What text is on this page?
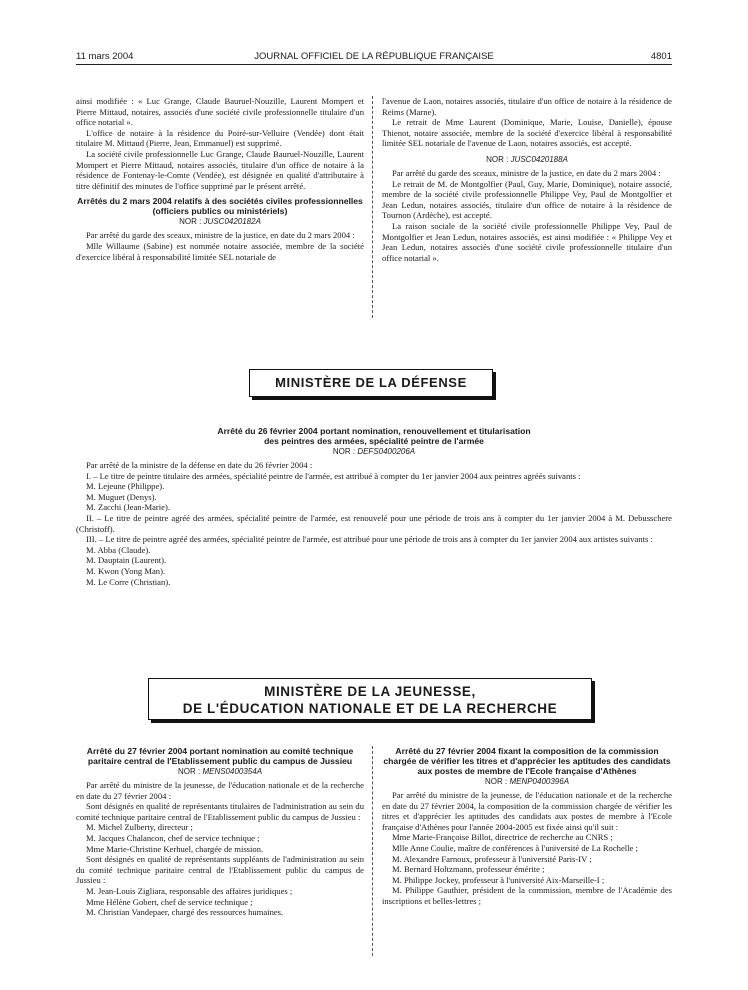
11 mars 2004	JOURNAL OFFICIEL DE LA RÉPUBLIQUE FRANÇAISE	4801

ainsi modifiée : « Luc Grange, Claude Bauruel-Nouzille, Laurent Mompert et Pierre Mittaud, notaires, associés d'une société civile professionnelle titulaire d'un office notarial ».

L'office de notaire à la résidence du Poiré-sur-Velluire (Vendée) dont était titulaire M. Mittaud (Pierre, Jean, Emmanuel) est supprimé.

La société civile professionnelle Luc Grange, Claude Bauruel-Nouzille, Laurent Mompert et Pierre Mittaud, notaires associés, titulaire d'un office de notaire à la résidence de Fontenay-le-Comte (Vendée), est désignée en qualité d'attributaire à titre définitif des minutes de l'office supprimé par le présent arrêté.

Arrêtés du 2 mars 2004 relatifs à des sociétés civiles professionnelles (officiers publics ou ministériels)

NOR : JUSC0420182A

Par arrêté du garde des sceaux, ministre de la justice, en date du 2 mars 2004 :

Mlle Willaume (Sabine) est nommée notaire associée, membre de la société d'exercice libéral à responsabilité limitée SEL notariale de

l'avenue de Laon, notaires associés, titulaire d'un office de notaire à la résidence de Reims (Marne).

Le retrait de Mme Laurent (Dominique, Marie, Louise, Danielle), épouse Thienot, notaire associée, membre de la société d'exercice libéral à responsabilité limitée SEL notariale de l'avenue de Laon, notaires associés, est accepté.

NOR : JUSC0420188A

Par arrêté du garde des sceaux, ministre de la justice, en date du 2 mars 2004 :

Le retrait de M. de Montgolfier (Paul, Guy, Marie, Dominique), notaire associé, membre de la société civile professionnelle Philippe Vey, Paul de Montgolfier et Jean Ledun, notaires associés, titulaire d'un office de notaire à la résidence de Tournon (Ardèche), est accepté.

La raison sociale de la société civile professionnelle Philippe Vey, Paul de Montgolfier et Jean Ledun, notaires associés, est ainsi modifiée : « Philippe Vey et Jean Ledun, notaires associés d'une société civile professionnelle titulaire d'un office notarial ».

MINISTÈRE DE LA DÉFENSE

Arrêté du 26 février 2004 portant nomination, renouvellement et titularisation

des peintres des armées, spécialité peintre de l'armée

NOR : DEFS0400206A

Par arrêté de la ministre de la défense en date du 26 février 2004 :

I. – Le titre de peintre titulaire des armées, spécialité peintre de l'armée, est attribué à compter du 1er janvier 2004 aux peintres agréés suivants :

M. Lejeune (Philippe).

M. Muguet (Denys).

M. Zacchi (Jean-Marie).

II. – Le titre de peintre agréé des armées, spécialité peintre de l'armée, est renouvelé pour une période de trois ans à compter du 1er janvier 2004 à M. Debusschere (Christoff).

III. – Le titre de peintre agréé des armées, spécialité peintre de l'armée, est attribué pour une période de trois ans à compter du 1er janvier 2004 aux artistes suivants :

M. Abba (Claude).

M. Dauptain (Laurent).

M. Kwon (Yong Man).

M. Le Corre (Christian).

MINISTÈRE DE LA JEUNESSE,
DE L'ÉDUCATION NATIONALE ET DE LA RECHERCHE

Arrêté du 27 février 2004 portant nomination au comité technique paritaire central de l'Etablissement public du campus de Jussieu

NOR : MENS0400354A

Par arrêté du ministre de la jeunesse, de l'éducation nationale et de la recherche en date du 27 février 2004 :

Sont désignés en qualité de représentants titulaires de l'administration au sein du comité technique paritaire central de l'Etablissement public du campus de Jussieu :

M. Michel Zulberty, directeur ;

M. Jacques Chalancon, chef de service technique ;

Mme Marie-Christine Kerhuel, chargée de mission.

Sont désignés en qualité de représentants suppléants de l'administration au sein du comité technique paritaire central de l'Etablissement public du campus de Jussieu :

M. Jean-Louis Zigliara, responsable des affaires juridiques ;

Mme Hélène Gobert, chef de service technique ;

M. Christian Vandepaer, chargé des ressources humaines.

Arrêté du 27 février 2004 fixant la composition de la commission chargée de vérifier les titres et d'apprécier les aptitudes des candidats aux postes de membre de l'Ecole française d'Athènes

NOR : MENP0400396A

Par arrêté du ministre de la jeunesse, de l'éducation nationale et de la recherche en date du 27 février 2004, la composition de la commission chargée de vérifier les titres et d'apprécier les aptitudes des candidats aux postes de membre à l'Ecole française d'Athènes pour l'année 2004-2005 est fixée ainsi qu'il suit :

Mme Marie-Françoise Billot, directrice de recherche au CNRS ;

Mlle Anne Coulie, maître de conférences à l'université de La Rochelle ;

M. Alexandre Farnoux, professeur à l'université Paris-IV ;

M. Bernard Holtzmann, professeur émérite ;

M. Philippe Jockey, professeur à l'université Aix-Marseille-I ;

M. Philippe Gauthier, président de la commission, membre de l'Académie des inscriptions et belles-lettres ;
